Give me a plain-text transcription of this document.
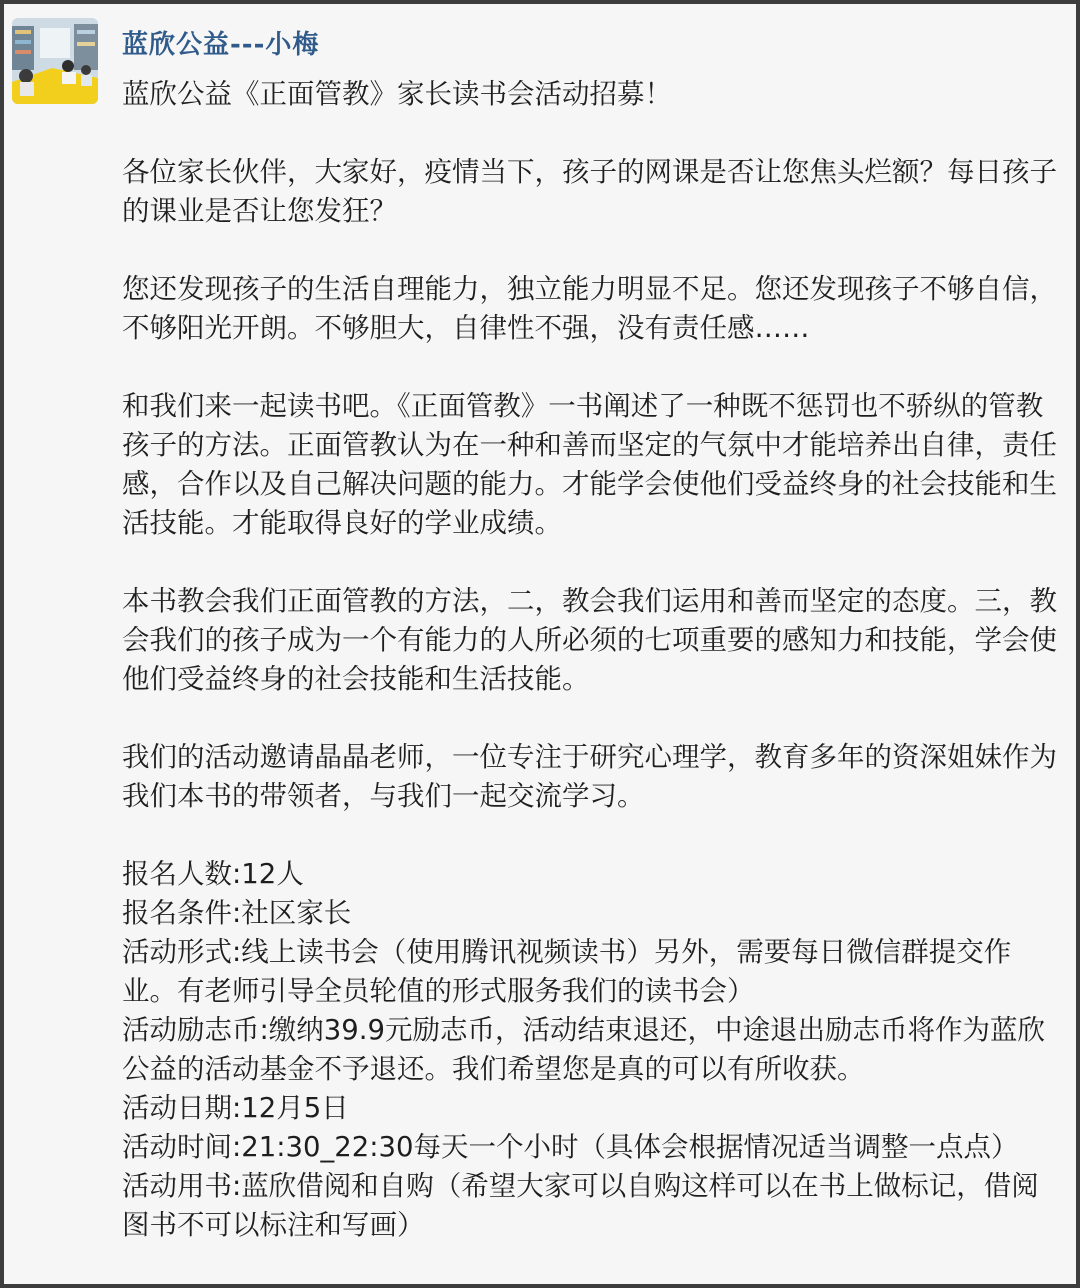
蓝欣公益---小梅

蓝欣公益《正面管教》家长读书会活动招募！

各位家长伙伴，大家好，疫情当下，孩子的网课是否让您焦头烂额？每日孩子的课业是否让您发狂？

您还发现孩子的生活自理能力，独立能力明显不足。您还发现孩子不够自信，不够阳光开朗。不够胆大，自律性不强，没有责任感……

和我们来一起读书吧。《正面管教》一书阐述了一种既不惩罚也不骄纵的管教孩子的方法。正面管教认为在一种和善而坚定的气氛中才能培养出自律，责任感，合作以及自己解决问题的能力。才能学会使他们受益终身的社会技能和生活技能。才能取得良好的学业成绩。

本书教会我们正面管教的方法，二，教会我们运用和善而坚定的态度。三，教会我们的孩子成为一个有能力的人所必须的七项重要的感知力和技能，学会使他们受益终身的社会技能和生活技能。

我们的活动邀请晶晶老师，一位专注于研究心理学，教育多年的资深姐妹作为我们本书的带领者，与我们一起交流学习。

报名人数:12人

报名条件:社区家长

活动形式:线上读书会（使用腾讯视频读书）另外，需要每日微信群提交作业。有老师引导全员轮值的形式服务我们的读书会）

活动励志币:缴纳39.9元励志币，活动结束退还，中途退出励志币将作为蓝欣公益的活动基金不予退还。我们希望您是真的可以有所收获。

活动日期:12月5日

活动时间:21:30_22:30每天一个小时（具体会根据情况适当调整一点点）

活动用书:蓝欣借阅和自购（希望大家可以自购这样可以在书上做标记，借阅图书不可以标注和写画）
